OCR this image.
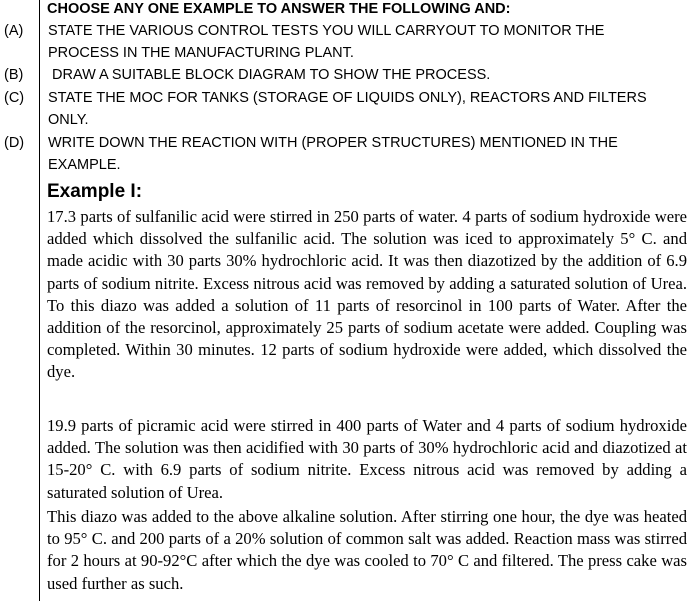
CHOOSE ANY ONE EXAMPLE TO ANSWER THE FOLLOWING AND:
(A) STATE THE VARIOUS CONTROL TESTS YOU WILL CARRYOUT TO MONITOR THE PROCESS IN THE MANUFACTURING PLANT.
(B) DRAW A SUITABLE BLOCK DIAGRAM TO SHOW THE PROCESS.
(C) STATE THE MOC FOR TANKS (STORAGE OF LIQUIDS ONLY), REACTORS AND FILTERS ONLY.
(D) WRITE DOWN THE REACTION WITH (PROPER STRUCTURES) MENTIONED IN THE EXAMPLE.
Example I:
17.3 parts of sulfanilic acid were stirred in 250 parts of water. 4 parts of sodium hydroxide were added which dissolved the sulfanilic acid. The solution was iced to approximately 5° C. and made acidic with 30 parts 30% hydrochloric acid. It was then diazotized by the addition of 6.9 parts of sodium nitrite. Excess nitrous acid was removed by adding a saturated solution of Urea. To this diazo was added a solution of 11 parts of resorcinol in 100 parts of Water. After the addition of the resorcinol, approximately 25 parts of sodium acetate were added. Coupling was completed. Within 30 minutes. 12 parts of sodium hydroxide were added, which dissolved the dye.
19.9 parts of picramic acid were stirred in 400 parts of Water and 4 parts of sodium hydroxide added. The solution was then acidified with 30 parts of 30% hydrochloric acid and diazotized at 15-20° C. with 6.9 parts of sodium nitrite. Excess nitrous acid was removed by adding a saturated solution of Urea.
This diazo was added to the above alkaline solution. After stirring one hour, the dye was heated to 95° C. and 200 parts of a 20% solution of common salt was added. Reaction mass was stirred for 2 hours at 90-92°C after which the dye was cooled to 70° C and filtered. The press cake was used further as such.
